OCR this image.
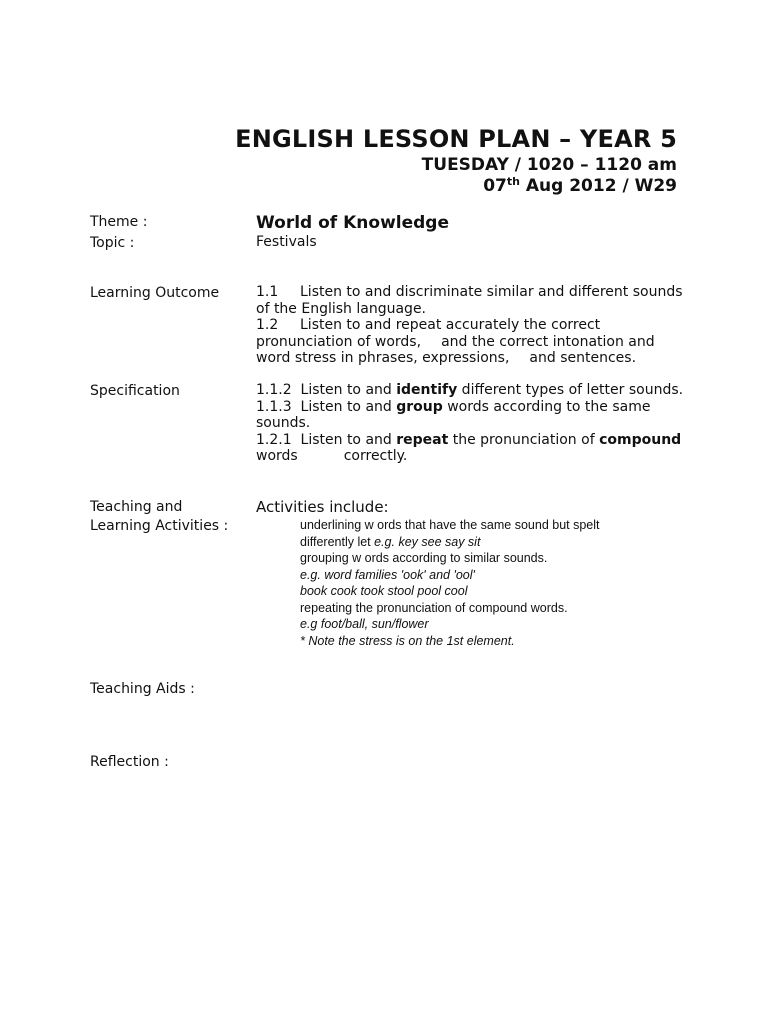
ENGLISH LESSON PLAN – YEAR 5
TUESDAY / 1020 – 1120 am
07th Aug 2012 / W29
Theme :	World of Knowledge
Topic :	Festivals
Learning Outcome	1.1 Listen to and discriminate similar and different sounds of the English language.
1.2 Listen to and repeat accurately the correct pronunciation of words, and the correct intonation and word stress in phrases, expressions, and sentences.
Specification	1.1.2 Listen to and identify different types of letter sounds.
1.1.3 Listen to and group words according to the same sounds.
1.2.1 Listen to and repeat the pronunciation of compound words	correctly.
Teaching and
Learning Activities :
Activities include:
underlining w ords that have the same sound but spelt
differently let e.g. key see say sit
grouping w ords according to similar sounds.
e.g. word families 'ook' and 'ool'
book cook took stool pool cool
repeating the pronunciation of compound words.
e.g foot/ball, sun/flower
* Note the stress is on the 1st element.
Teaching Aids :
Reflection :
